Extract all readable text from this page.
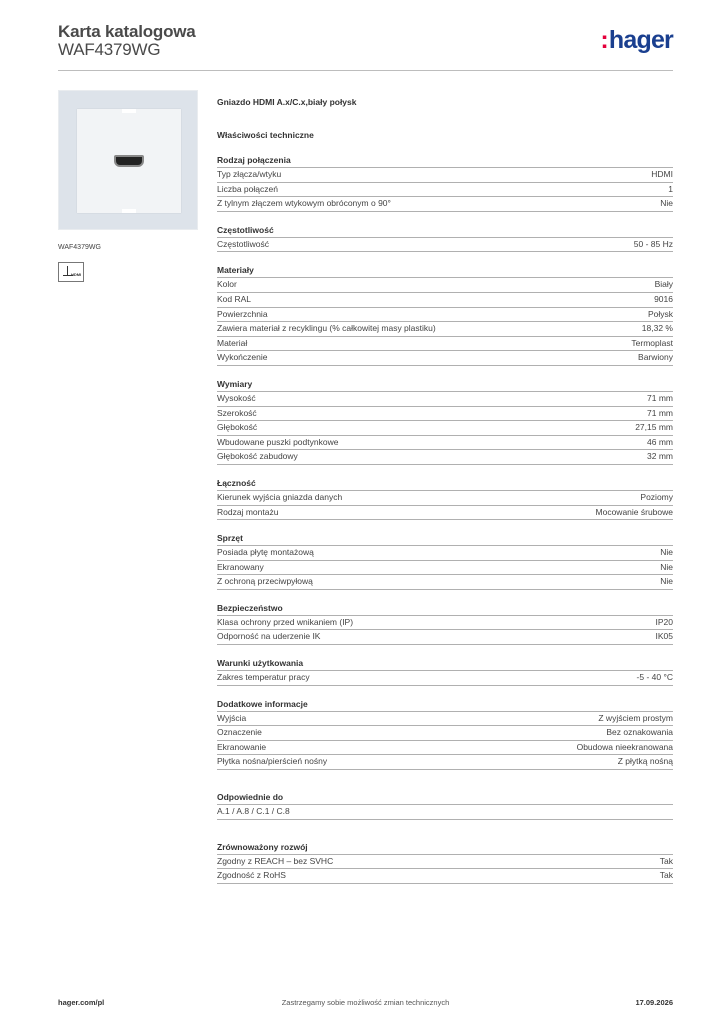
Karta katalogowa
WAF4379WG	:hager
WAF4379WG
HDMI
Gniazdo HDMI A.x/C.x,biały połysk
Właściwości techniczne
Rodzaj połączenia
Typ złącza/wtyku	HDMI
Liczba połączeń	1
Z tylnym złączem wtykowym obróconym o 90°	Nie
Częstotliwość
Częstotliwość	50 - 85 Hz
Materiały
Kolor	Biały
Kod RAL	9016
Powierzchnia	Połysk
Zawiera materiał z recyklingu (% całkowitej masy plastiku)	18,32 %
Materiał	Termoplast
Wykończenie	Barwiony
Wymiary
Wysokość	71 mm
Szerokość	71 mm
Głębokość	27,15 mm
Wbudowane puszki podtynkowe	46 mm
Głębokość zabudowy	32 mm
Łączność
Kierunek wyjścia gniazda danych	Poziomy
Rodzaj montażu	Mocowanie śrubowe
Sprzęt
Posiada płytę montażową	Nie
Ekranowany	Nie
Z ochroną przeciwpyłową	Nie
Bezpieczeństwo
Klasa ochrony przed wnikaniem (IP)	IP20
Odporność na uderzenie IK	IK05
Warunki użytkowania
Zakres temperatur pracy	-5 - 40 °C
Dodatkowe informacje
Wyjścia	Z wyjściem prostym
Oznaczenie	Bez oznakowania
Ekranowanie	Obudowa nieekranowana
Płytka nośna/pierścień nośny	Z płytką nośną
Odpowiednie do
A.1 / A.8 / C.1 / C.8
Zrównoważony rozwój
Zgodny z REACH – bez SVHC	Tak
Zgodność z RoHS	Tak
Zastrzegamy sobie możliwość zmian technicznych
hager.com/pl	17.09.2026
